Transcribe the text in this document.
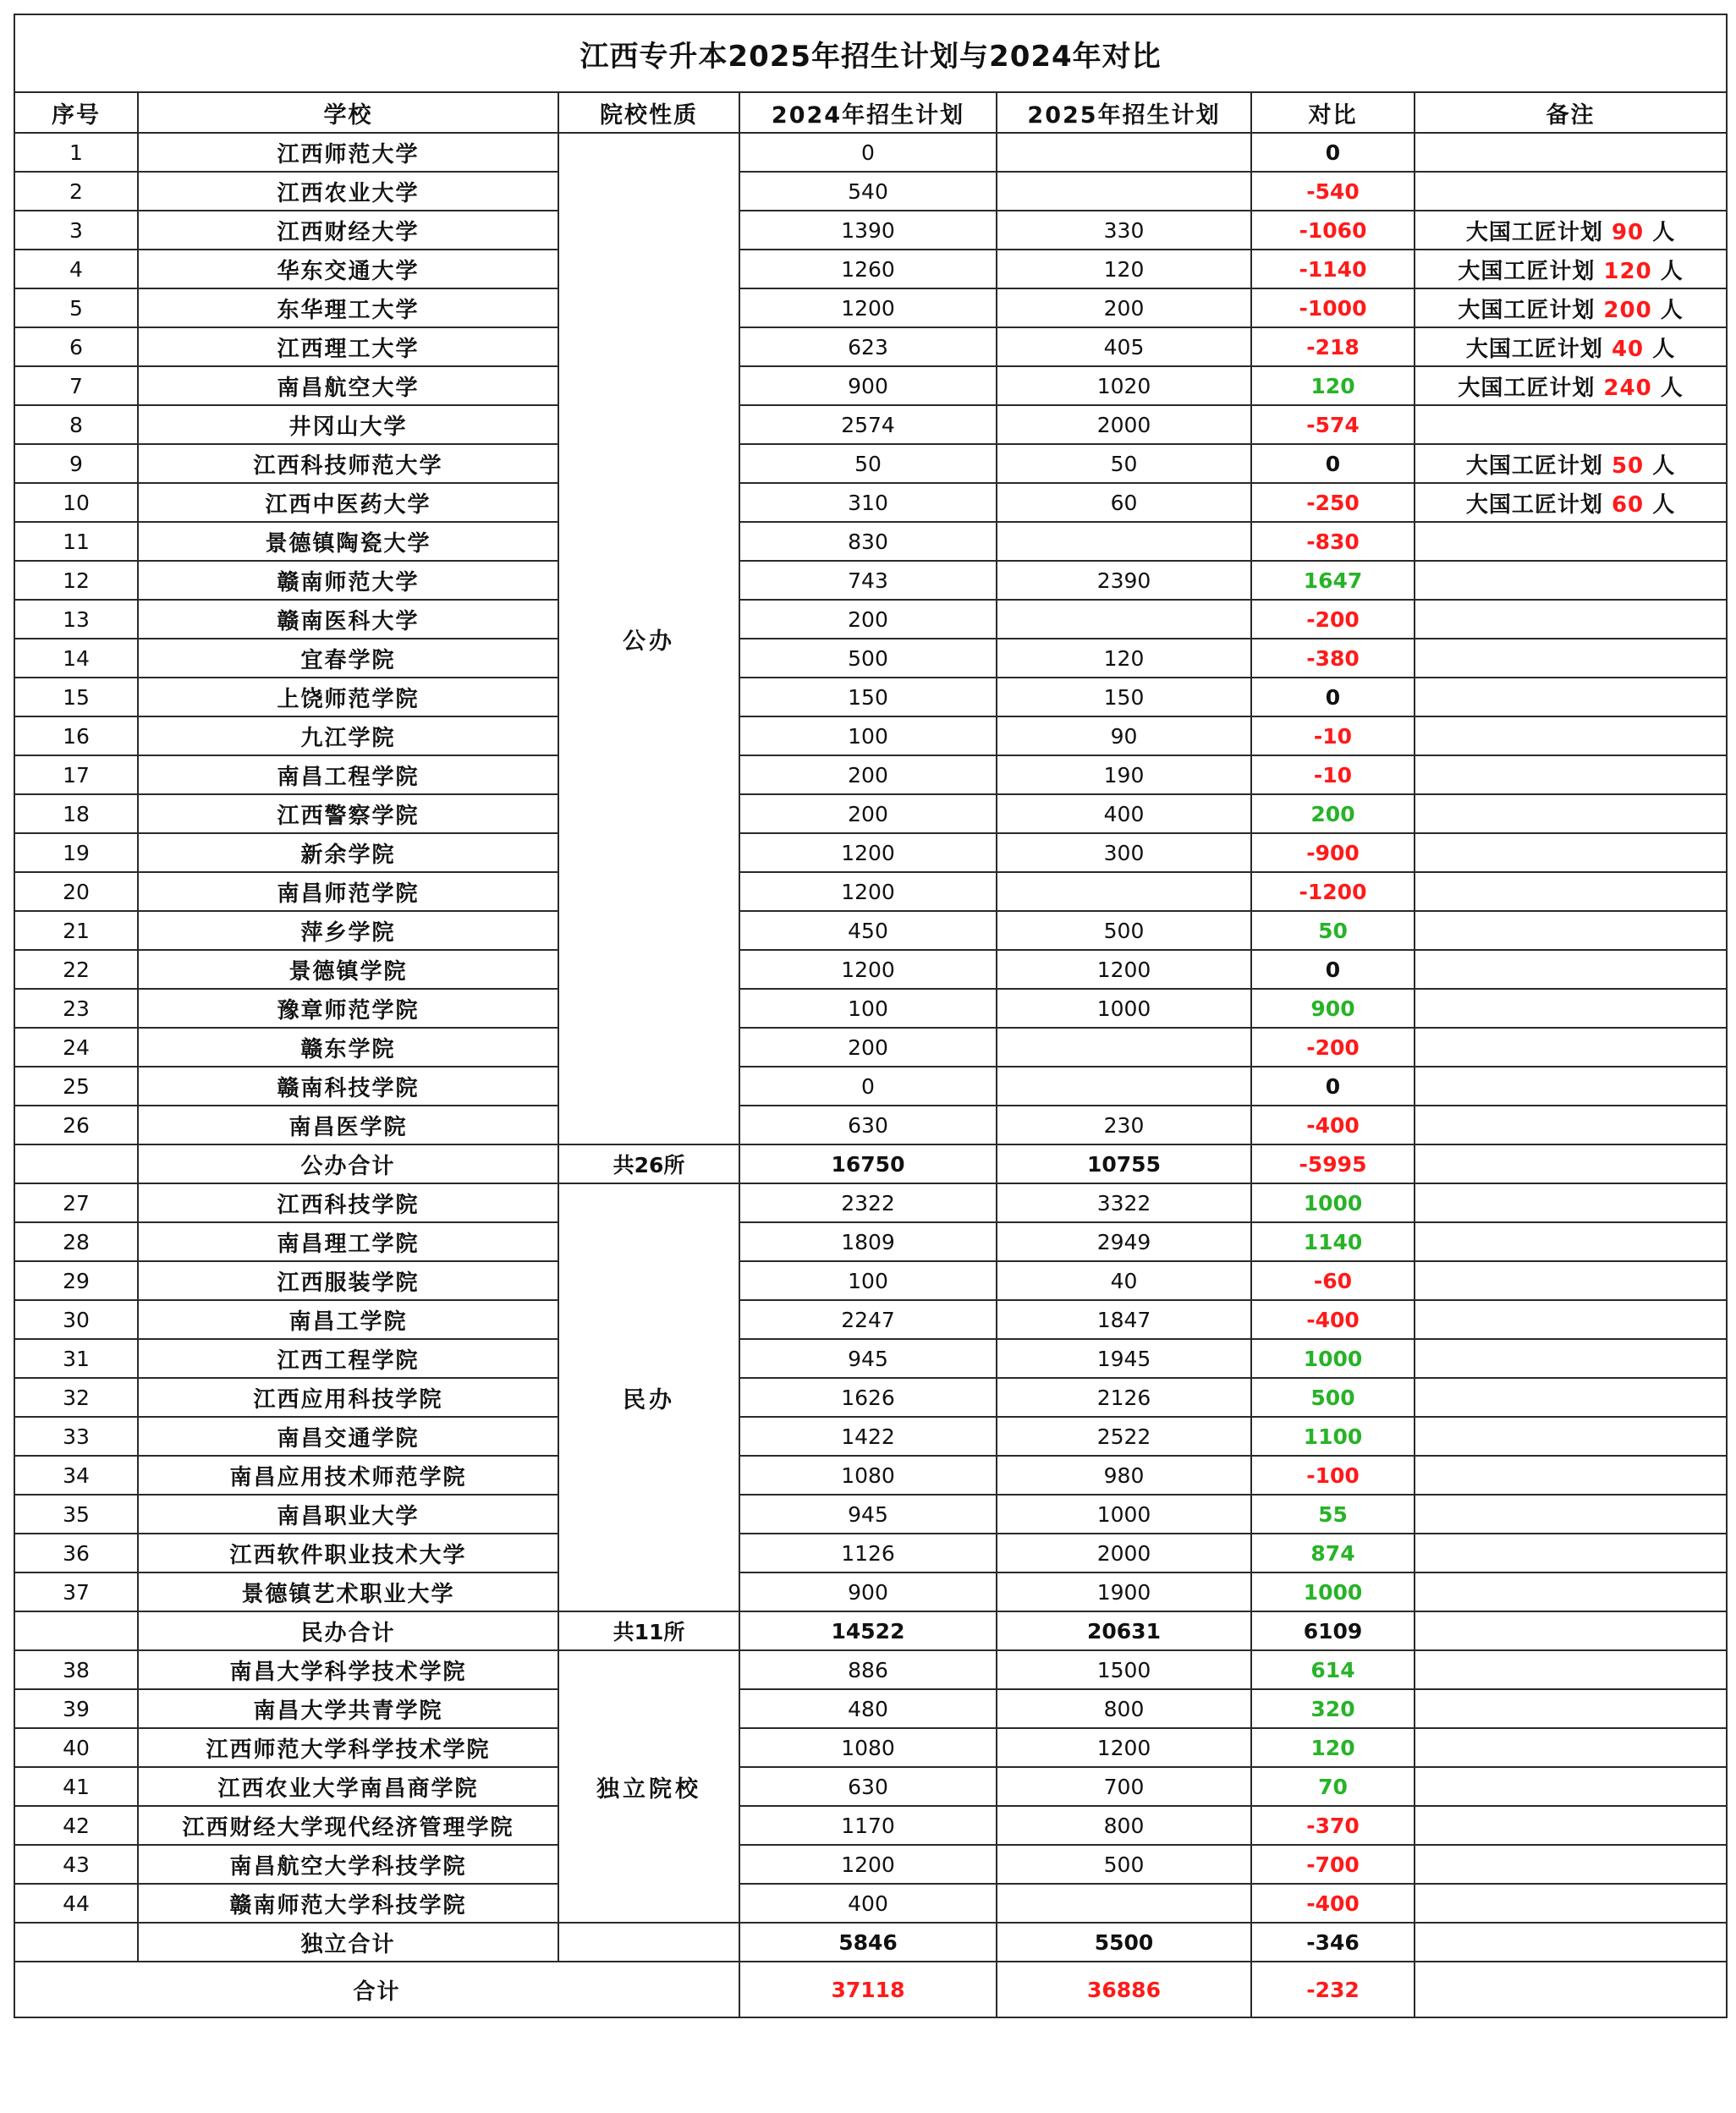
江西专升本2025年招生计划与2024年对比						
序号	学校	院校性质	2024年招生计划	2025年招生计划	对比	备注
1	江西师范大学	公办	0		0	
2	江西农业大学		540		-540	
3	江西财经大学		1390	330	-1060	大国工匠计划 90 人
4	华东交通大学		1260	120	-1140	大国工匠计划 120 人
5	东华理工大学		1200	200	-1000	大国工匠计划 200 人
6	江西理工大学		623	405	-218	大国工匠计划 40 人
7	南昌航空大学		900	1020	120	大国工匠计划 240 人
8	井冈山大学		2574	2000	-574	
9	江西科技师范大学		50	50	0	大国工匠计划 50 人
10	江西中医药大学		310	60	-250	大国工匠计划 60 人
11	景德镇陶瓷大学		830		-830	
12	赣南师范大学		743	2390	1647	
13	赣南医科大学		200		-200	
14	宜春学院		500	120	-380	
15	上饶师范学院		150	150	0	
16	九江学院		100	90	-10	
17	南昌工程学院		200	190	-10	
18	江西警察学院		200	400	200	
19	新余学院		1200	300	-900	
20	南昌师范学院		1200		-1200	
21	萍乡学院		450	500	50	
22	景德镇学院		1200	1200	0	
23	豫章师范学院		100	1000	900	
24	赣东学院		200		-200	
25	赣南科技学院		0		0	
26	南昌医学院		630	230	-400	
	公办合计	共26所	16750	10755	-5995	
27	江西科技学院	民办	2322	3322	1000	
28	南昌理工学院		1809	2949	1140	
29	江西服装学院		100	40	-60	
30	南昌工学院		2247	1847	-400	
31	江西工程学院		945	1945	1000	
32	江西应用科技学院		1626	2126	500	
33	南昌交通学院		1422	2522	1100	
34	南昌应用技术师范学院		1080	980	-100	
35	南昌职业大学		945	1000	55	
36	江西软件职业技术大学		1126	2000	874	
37	景德镇艺术职业大学		900	1900	1000	
	民办合计	共11所	14522	20631	6109	
38	南昌大学科学技术学院	独立院校	886	1500	614	
39	南昌大学共青学院		480	800	320	
40	江西师范大学科学技术学院		1080	1200	120	
41	江西农业大学南昌商学院		630	700	70	
42	江西财经大学现代经济管理学院		1170	800	-370	
43	南昌航空大学科技学院		1200	500	-700	
44	赣南师范大学科技学院		400		-400	
	独立合计		5846	5500	-346	
合计			37118	36886	-232	
